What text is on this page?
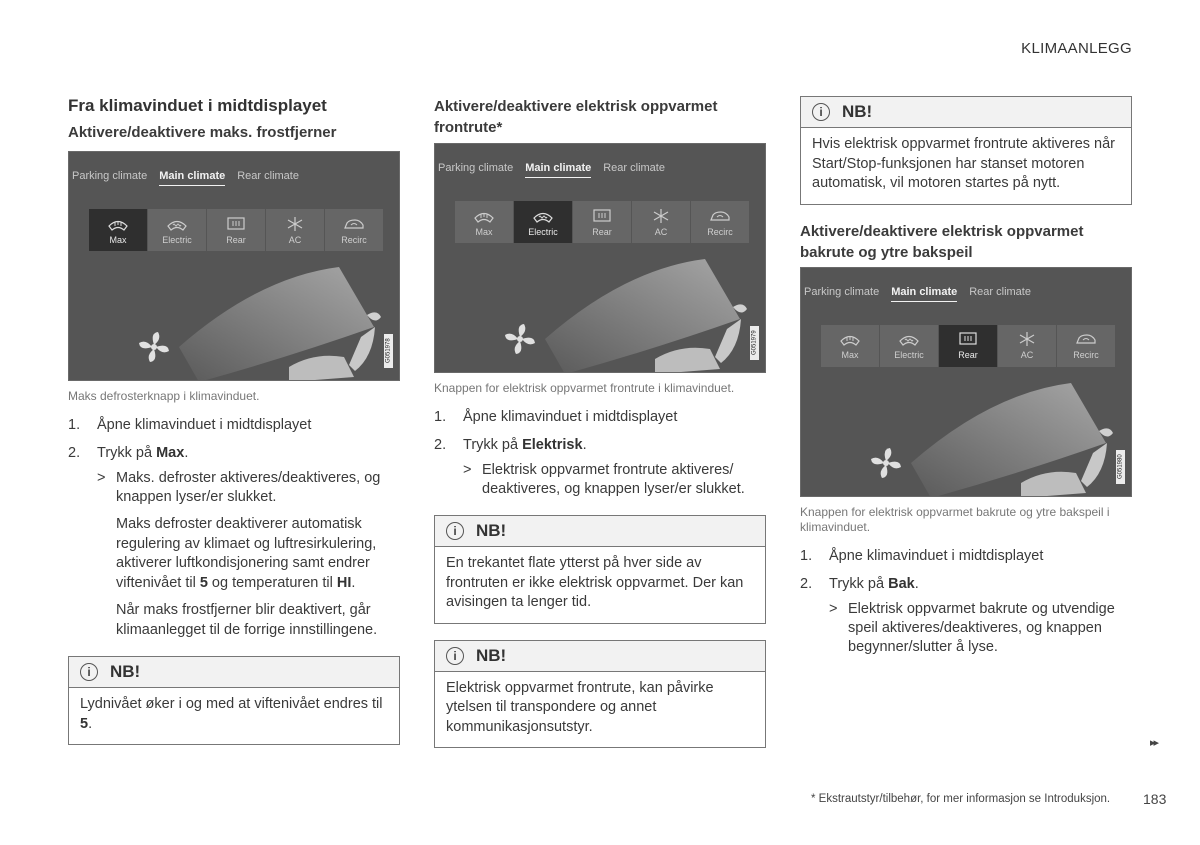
KLIMAANLEGG
Fra klimavinduet i midtdisplayet
Aktivere/deaktivere maks. frostfjerner
Parking climate Main climate Rear climate
Max	Electric	Rear	AC	Recirc
G051978
Maks defrosterknapp i klimavinduet.
1.	Åpne klimavinduet i midtdisplayet
2.	Trykk på Max.
> Maks. defroster aktiveres/deaktiveres, og knappen lyser/er slukket.
Maks defroster deaktiverer automatisk regulering av klimaet og luftresirkulering, aktiverer luftkondisjonering samt endrer viftenivået til 5 og temperaturen til HI.
Når maks frostfjerner blir deaktivert, går klimaanlegget til de forrige innstillingene.
i	NB!
Lydnivået øker i og med at viftenivået endres til 5.
Aktivere/deaktivere elektrisk oppvarmet frontrute*
Parking climate Main climate Rear climate
Max	Electric	Rear	AC	Recirc
G051979
Knappen for elektrisk oppvarmet frontrute i klimavinduet.
1.	Åpne klimavinduet i midtdisplayet
2.	Trykk på Elektrisk.
> Elektrisk oppvarmet frontrute aktiveres/ deaktiveres, og knappen lyser/er slukket.
i	NB!
En trekantet flate ytterst på hver side av frontruten er ikke elektrisk oppvarmet. Der kan avisingen ta lenger tid.
i	NB!
Elektrisk oppvarmet frontrute, kan påvirke ytelsen til transpondere og annet kommunikasjonsutstyr.
i	NB!
Hvis elektrisk oppvarmet frontrute aktiveres når Start/Stop-funksjonen har stanset motoren automatisk, vil motoren startes på nytt.
Aktivere/deaktivere elektrisk oppvarmet bakrute og ytre bakspeil
Parking climate Main climate Rear climate
Max	Electric	Rear	AC	Recirc
G051980
Knappen for elektrisk oppvarmet bakrute og ytre bakspeil i klimavinduet.
1.	Åpne klimavinduet i midtdisplayet
2.	Trykk på Bak.
> Elektrisk oppvarmet bakrute og utvendige speil aktiveres/deaktiveres, og knappen begynner/slutter å lyse.
▸▸
* Ekstrautstyr/tilbehør, for mer informasjon se Introduksjon. 183
